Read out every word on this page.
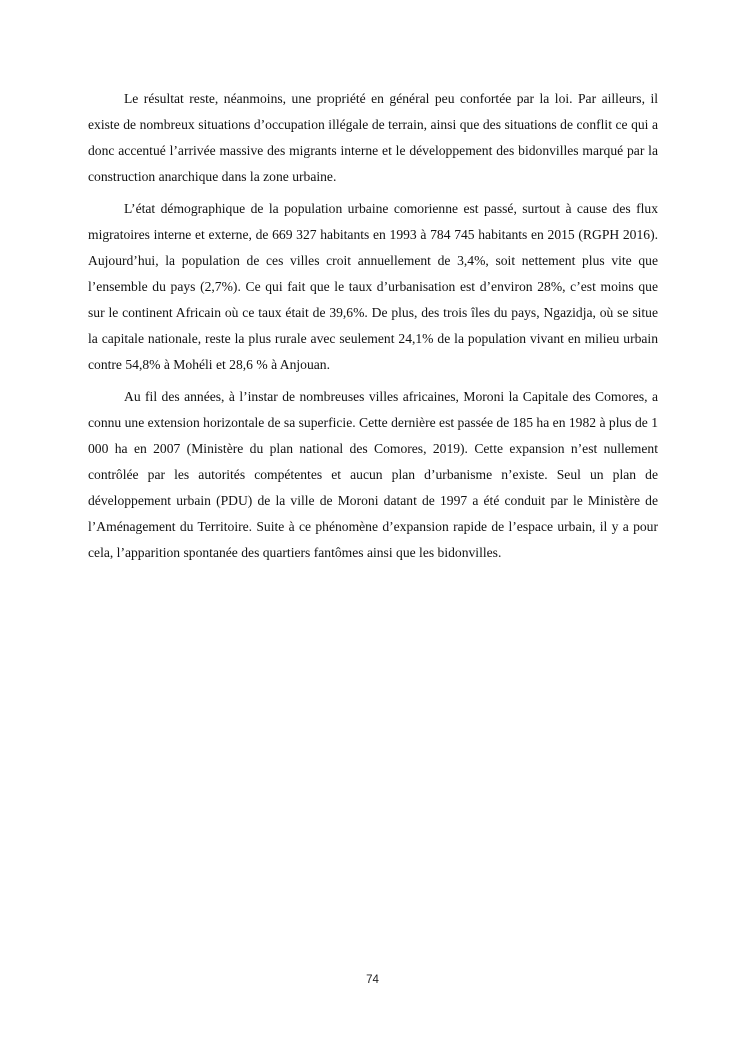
Le résultat reste, néanmoins, une propriété en général peu confortée par la loi. Par ailleurs, il existe de nombreux situations d’occupation illégale de terrain, ainsi que des situations de conflit ce qui a donc accentué l’arrivée massive des migrants interne et le développement des bidonvilles marqué par la construction anarchique dans la zone urbaine.

L’état démographique de la population urbaine comorienne est passé, surtout à cause des flux migratoires interne et externe, de 669 327 habitants en 1993 à 784 745 habitants en 2015 (RGPH 2016). Aujourd’hui, la population de ces villes croit annuellement de 3,4%, soit nettement plus vite que l’ensemble du pays (2,7%). Ce qui fait que le taux d’urbanisation est d’environ 28%, c’est moins que sur le continent Africain où ce taux était de 39,6%. De plus, des trois îles du pays, Ngazidja, où se situe la capitale nationale, reste la plus rurale avec seulement 24,1% de la population vivant en milieu urbain contre 54,8% à Mohéli et 28,6 % à Anjouan.

Au fil des années, à l’instar de nombreuses villes africaines, Moroni la Capitale des Comores, a connu une extension horizontale de sa superficie. Cette dernière est passée de 185 ha en 1982 à plus de 1 000 ha en 2007 (Ministère du plan national des Comores, 2019). Cette expansion n’est nullement contrôlée par les autorités compétentes et aucun plan d’urbanisme n’existe. Seul un plan de développement urbain (PDU) de la ville de Moroni datant de 1997 a été conduit par le Ministère de l’Aménagement du Territoire. Suite à ce phénomène d’expansion rapide de l’espace urbain, il y a pour cela, l’apparition spontanée des quartiers fantômes ainsi que les bidonvilles.

74
